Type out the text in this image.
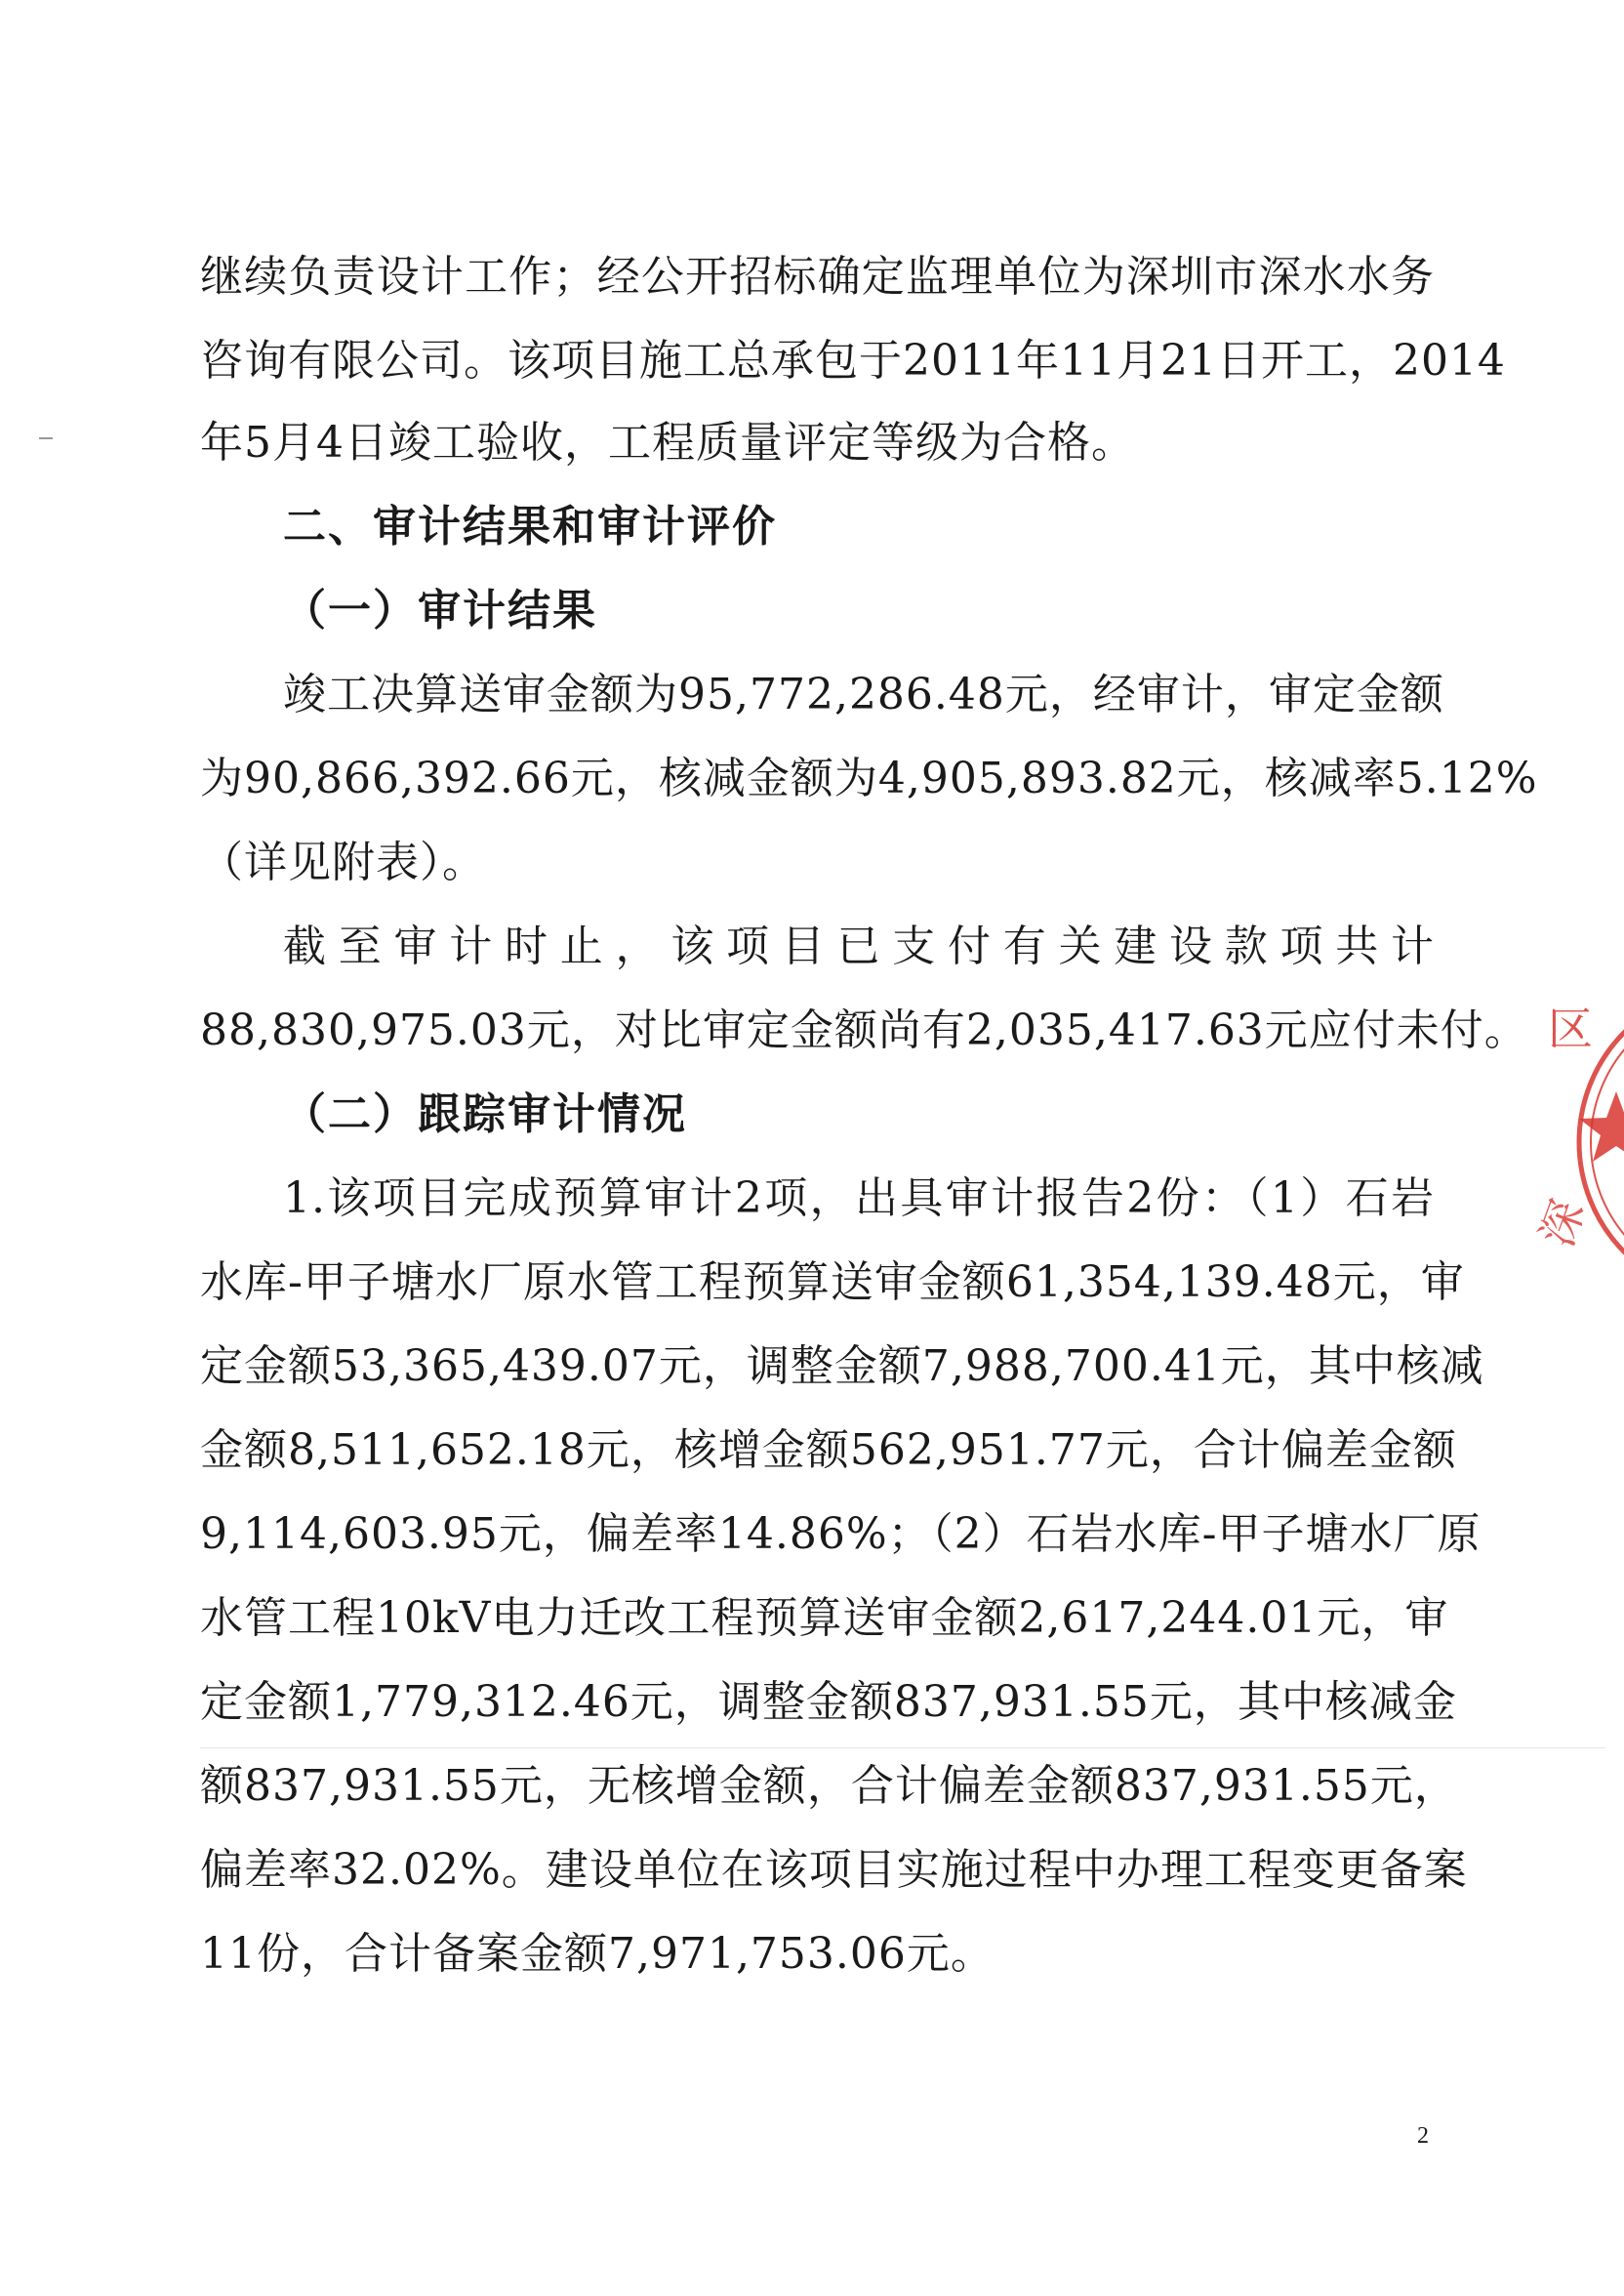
继续负责设计工作；经公开招标确定监理单位为深圳市深水水务
咨询有限公司。该项目施工总承包于2011年11月21日开工，2014
年5月4日竣工验收，工程质量评定等级为合格。
二、审计结果和审计评价
（一）审计结果
竣工决算送审金额为95,772,286.48元，经审计，审定金额
为90,866,392.66元，核减金额为4,905,893.82元，核减率5.12%
（详见附表）。
截至审计时止，该项目已支付有关建设款项共计
88,830,975.03元，对比审定金额尚有2,035,417.63元应付未付。
（二）跟踪审计情况
1.该项目完成预算审计2项，出具审计报告2份：（1）石岩
水库-甲子塘水厂原水管工程预算送审金额61,354,139.48元，审
定金额53,365,439.07元，调整金额7,988,700.41元，其中核减
金额8,511,652.18元，核增金额562,951.77元，合计偏差金额
9,114,603.95元，偏差率14.86%；（2）石岩水库-甲子塘水厂原
水管工程10kV电力迁改工程预算送审金额2,617,244.01元，审
定金额1,779,312.46元，调整金额837,931.55元，其中核减金
额837,931.55元，无核增金额，合计偏差金额837,931.55元，
偏差率32.02%。建设单位在该项目实施过程中办理工程变更备案
11份，合计备案金额7,971,753.06元。
2
区
深
